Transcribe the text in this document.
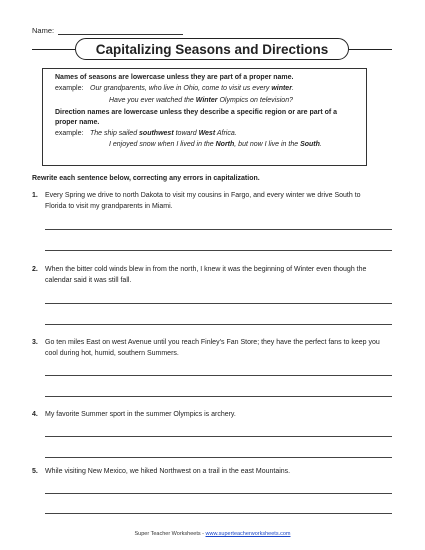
Name:
Capitalizing Seasons and Directions
Names of seasons are lowercase unless they are part of a proper name.
example: Our grandparents, who live in Ohio, come to visit us every winter.
Have you ever watched the Winter Olympics on television?
Direction names are lowercase unless they describe a specific region or are part of a proper name.
example: The ship sailed southwest toward West Africa.
I enjoyed snow when I lived in the North, but now I live in the South.
Rewrite each sentence below, correcting any errors in capitalization.
1. Every Spring we drive to north Dakota to visit my cousins in Fargo, and every winter we drive South to Florida to visit my grandparents in Miami.
2. When the bitter cold winds blew in from the north, I knew it was the beginning of Winter even though the calendar said it was still fall.
3. Go ten miles East on west Avenue until you reach Finley’s Fan Store; they have the perfect fans to keep you cool during hot, humid, southern Summers.
4. My favorite Summer sport in the summer Olympics is archery.
5. While visiting New Mexico, we hiked Northwest on a trail in the east Mountains.
Super Teacher Worksheets - www.superteacherworksheets.com
